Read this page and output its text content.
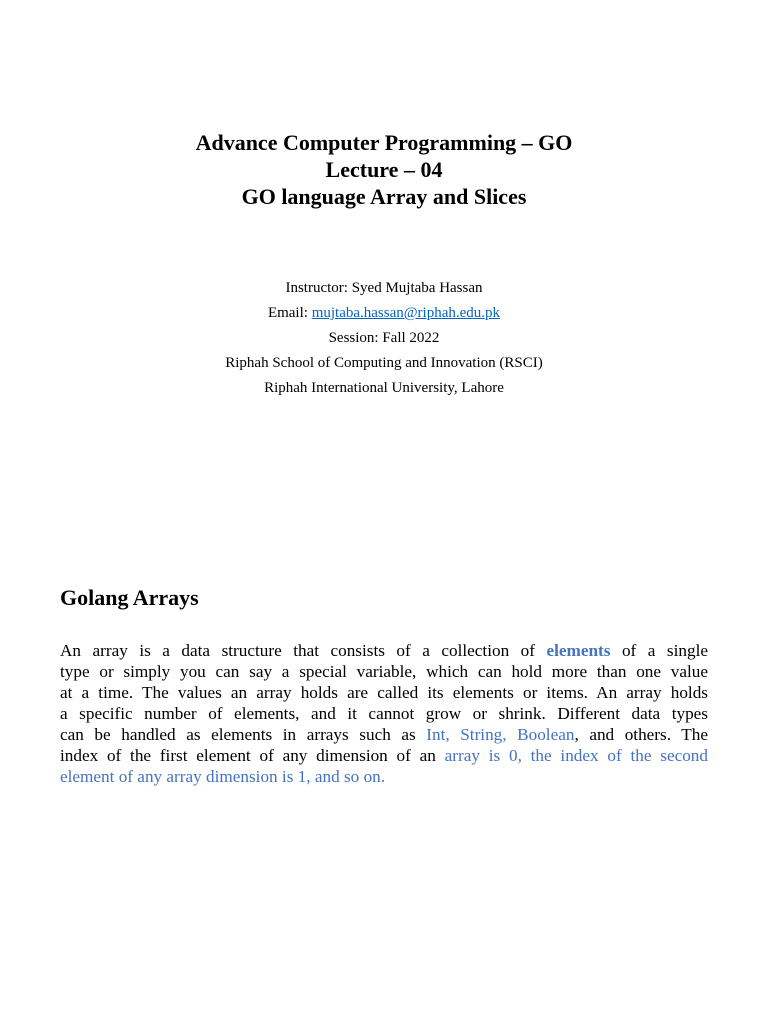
Advance Computer Programming – GO
Lecture – 04
GO language Array and Slices
Instructor: Syed Mujtaba Hassan
Email: mujtaba.hassan@riphah.edu.pk
Session: Fall 2022
Riphah School of Computing and Innovation (RSCI)
Riphah International University, Lahore
Golang Arrays

An array is a data structure that consists of a collection of elements of a single
type or simply you can say a special variable, which can hold more than one value
at a time. The values an array holds are called its elements or items. An array holds
a specific number of elements, and it cannot grow or shrink. Different data types
can be handled as elements in arrays such as Int, String, Boolean, and others. The
index of the first element of any dimension of an array is 0, the index of the second
element of any array dimension is 1, and so on.
